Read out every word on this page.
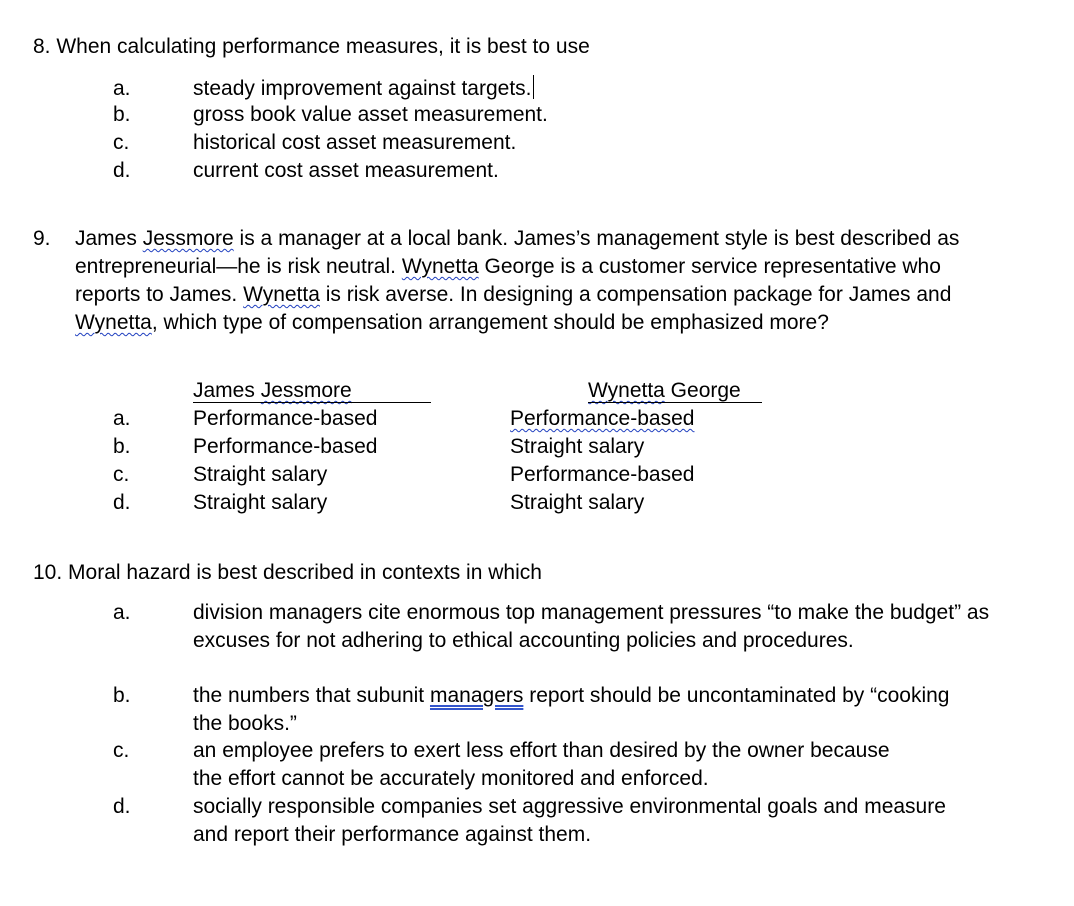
8. When calculating performance measures, it is best to use
a.	steady improvement against targets.
b.	gross book value asset measurement.
c.	historical cost asset measurement.
d.	current cost asset measurement.
9. James Jessmore is a manager at a local bank. James’s management style is best described as entrepreneurial—he is risk neutral. Wynetta George is a customer service representative who reports to James. Wynetta is risk averse. In designing a compensation package for James and Wynetta, which type of compensation arrangement should be emphasized more?
James Jessmore	Wynetta George
a.	Performance-based	Performance-based
b.	Performance-based	Straight salary
c.	Straight salary	Performance-based
d.	Straight salary	Straight salary
10. Moral hazard is best described in contexts in which
a.	division managers cite enormous top management pressures “to make the budget” as excuses for not adhering to ethical accounting policies and procedures.
b.	the numbers that subunit managers report should be uncontaminated by “cooking the books.”
c.	an employee prefers to exert less effort than desired by the owner because the effort cannot be accurately monitored and enforced.
d.	socially responsible companies set aggressive environmental goals and measure and report their performance against them.
